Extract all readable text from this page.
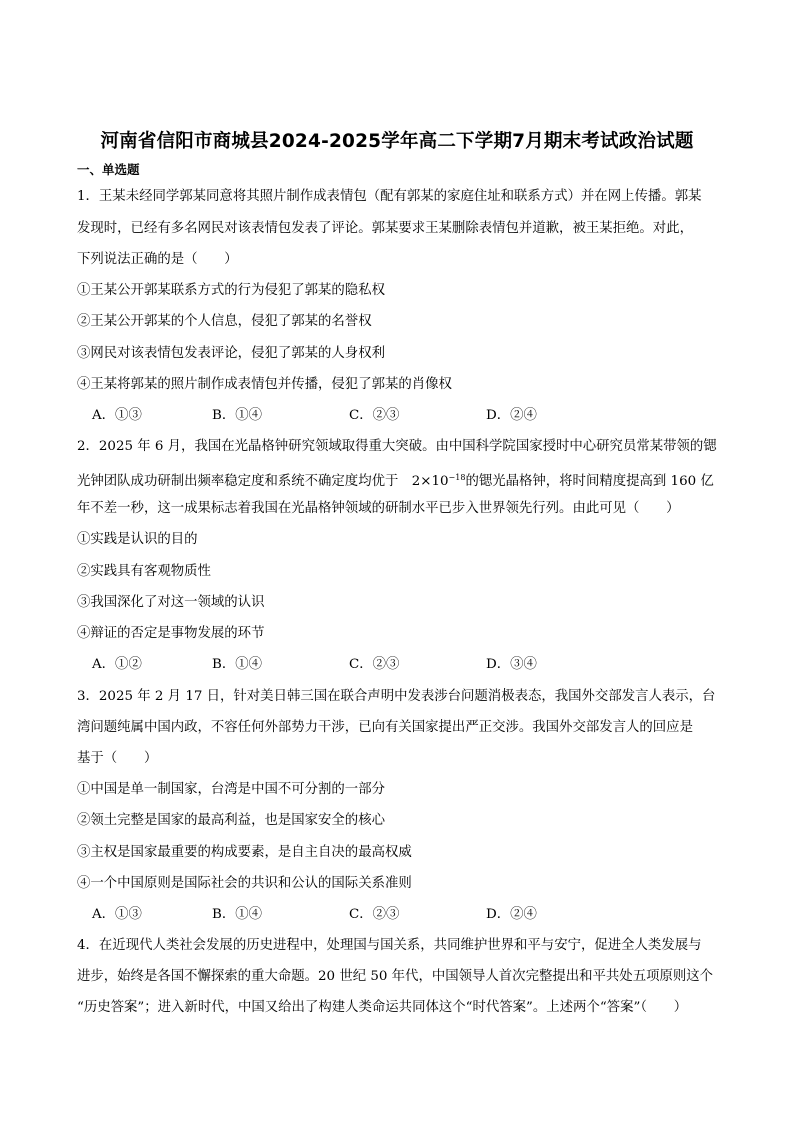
河南省信阳市商城县2024-2025学年高二下学期7月期末考试政治试题
一、单选题
1．王某未经同学郭某同意将其照片制作成表情包（配有郭某的家庭住址和联系方式）并在网上传播。郭某
发现时，已经有多名网民对该表情包发表了评论。郭某要求王某删除表情包并道歉，被王某拒绝。对此，
下列说法正确的是（　　）
①王某公开郭某联系方式的行为侵犯了郭某的隐私权
②王某公开郭某的个人信息，侵犯了郭某的名誉权
③网民对该表情包发表评论，侵犯了郭某的人身权利
④王某将郭某的照片制作成表情包并传播，侵犯了郭某的肖像权
A．①③	B．①④	C．②③	D．②④
2．2025 年 6 月，我国在光晶格钟研究领域取得重大突破。由中国科学院国家授时中心研究员常某带领的锶
光钟团队成功研制出频率稳定度和系统不确定度均优于　$2\times 10^{-18}$的锶光晶格钟，将时间精度提高到 160 亿
年不差一秒，这一成果标志着我国在光晶格钟领域的研制水平已步入世界领先行列。由此可见（　　）
①实践是认识的目的
②实践具有客观物质性
③我国深化了对这一领域的认识
④辩证的否定是事物发展的环节
A．①②	B．①④	C．②③	D．③④
3．2025 年 2 月 17 日，针对美日韩三国在联合声明中发表涉台问题消极表态，我国外交部发言人表示，台
湾问题纯属中国内政，不容任何外部势力干涉，已向有关国家提出严正交涉。我国外交部发言人的回应是
基于（　　）
①中国是单一制国家，台湾是中国不可分割的一部分
②领土完整是国家的最高利益，也是国家安全的核心
③主权是国家最重要的构成要素，是自主自决的最高权威
④一个中国原则是国际社会的共识和公认的国际关系准则
A．①③	B．①④	C．②③	D．②④
4．在近现代人类社会发展的历史进程中，处理国与国关系，共同维护世界和平与安宁，促进全人类发展与
进步，始终是各国不懈探索的重大命题。20 世纪 50 年代，中国领导人首次完整提出和平共处五项原则这个
“历史答案”；进入新时代，中国又给出了构建人类命运共同体这个“时代答案”。上述两个“答案”（　　）
